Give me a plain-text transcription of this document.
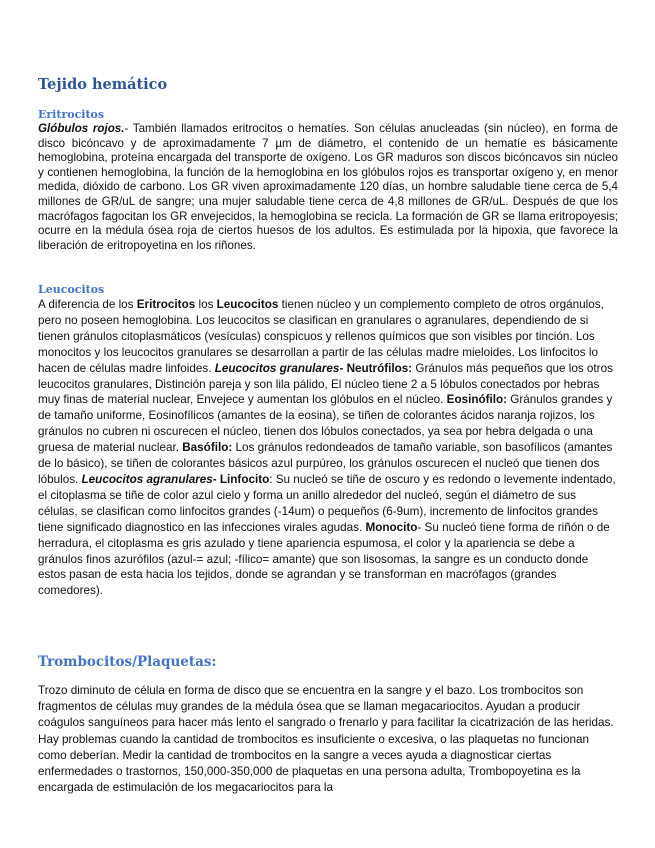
Tejido hemático
Eritrocitos

Glóbulos rojos.- También llamados eritrocitos o hematíes. Son células anucleadas (sin núcleo), en forma de disco bicóncavo y de aproximadamente 7 µm de diámetro, el contenido de un hematíe es básicamente hemoglobina, proteína encargada del transporte de oxígeno. Los GR maduros son discos bicóncavos sin núcleo y contienen hemoglobina, la función de la hemoglobina en los glóbulos rojos es transportar oxígeno y, en menor medida, dióxido de carbono. Los GR viven aproximadamente 120 días, un hombre saludable tiene cerca de 5,4 millones de GR/uL de sangre; una mujer saludable tiene cerca de 4,8 millones de GR/uL. Después de que los macrófagos fagocitan los GR envejecidos, la hemoglobina se recicla. La formación de GR se llama eritropoyesis; ocurre en la médula ósea roja de ciertos huesos de los adultos. Es estimulada por la hipoxia, que favorece la liberación de eritropoyetina en los riñones.

Leucocitos

A diferencia de los Eritrocitos los Leucocitos tienen núcleo y un complemento completo de otros orgánulos, pero no poseen hemoglobina. Los leucocitos se clasifican en granulares o agranulares, dependiendo de si tienen gránulos citoplasmáticos (vesículas) conspicuos y rellenos químicos que son visibles por tinción. Los monocitos y los leucocitos granulares se desarrollan a partir de las células madre mieloides. Los linfocitos lo hacen de células madre linfoides. Leucocitos granulares- Neutrófilos: Gránulos más pequeños que los otros leucocitos granulares, Distinción pareja y son lila pálido, El núcleo tiene 2 a 5 lóbulos conectados por hebras muy finas de material nuclear, Envejece y aumentan los glóbulos en el núcleo. Eosinófilo: Gránulos grandes y de tamaño uniforme, Eosinofílicos (amantes de la eosina), se tiñen de colorantes ácidos naranja rojizos, los gránulos no cubren ni oscurecen el núcleo, tienen dos lóbulos conectados, ya sea por hebra delgada o una gruesa de material nuclear. Basófilo: Los gránulos redondeados de tamaño variable, son basofílicos (amantes de lo básico), se tiñen de colorantes básicos azul purpúreo, los gránulos oscurecen el nucleó que tienen dos lóbulos. Leucocitos agranulares- Linfocito: Su nucleó se tiñe de oscuro y es redondo o levemente indentado, el citoplasma se tiñe de color azul cielo y forma un anillo alrededor del nucleó, según el diámetro de sus células, se clasifican como linfocitos grandes (-14um) o pequeños (6-9um), incremento de linfocitos grandes tiene significado diagnostico en las infecciones virales agudas. Monocito- Su nucleó tiene forma de riñón o de herradura, el citoplasma es gris azulado y tiene apariencia espumosa, el color y la apariencia se debe a gránulos finos azurófilos (azul-= azul; -fílico= amante) que son lisosomas, la sangre es un conducto donde estos pasan de esta hacia los tejidos, donde se agrandan y se transforman en macrófagos (grandes comedores).

Trombocitos/Plaquetas:

Trozo diminuto de célula en forma de disco que se encuentra en la sangre y el bazo. Los trombocitos son fragmentos de células muy grandes de la médula ósea que se llaman megacariocitos. Ayudan a producir coágulos sanguíneos para hacer más lento el sangrado o frenarlo y para facilitar la cicatrización de las heridas. Hay problemas cuando la cantidad de trombocitos es insuficiente o excesiva, o las plaquetas no funcionan como deberían. Medir la cantidad de trombocitos en la sangre a veces ayuda a diagnosticar ciertas enfermedades o trastornos, 150,000-350,000 de plaquetas en una persona adulta, Trombopoyetina es la encargada de estimulación de los megacariocitos para la
